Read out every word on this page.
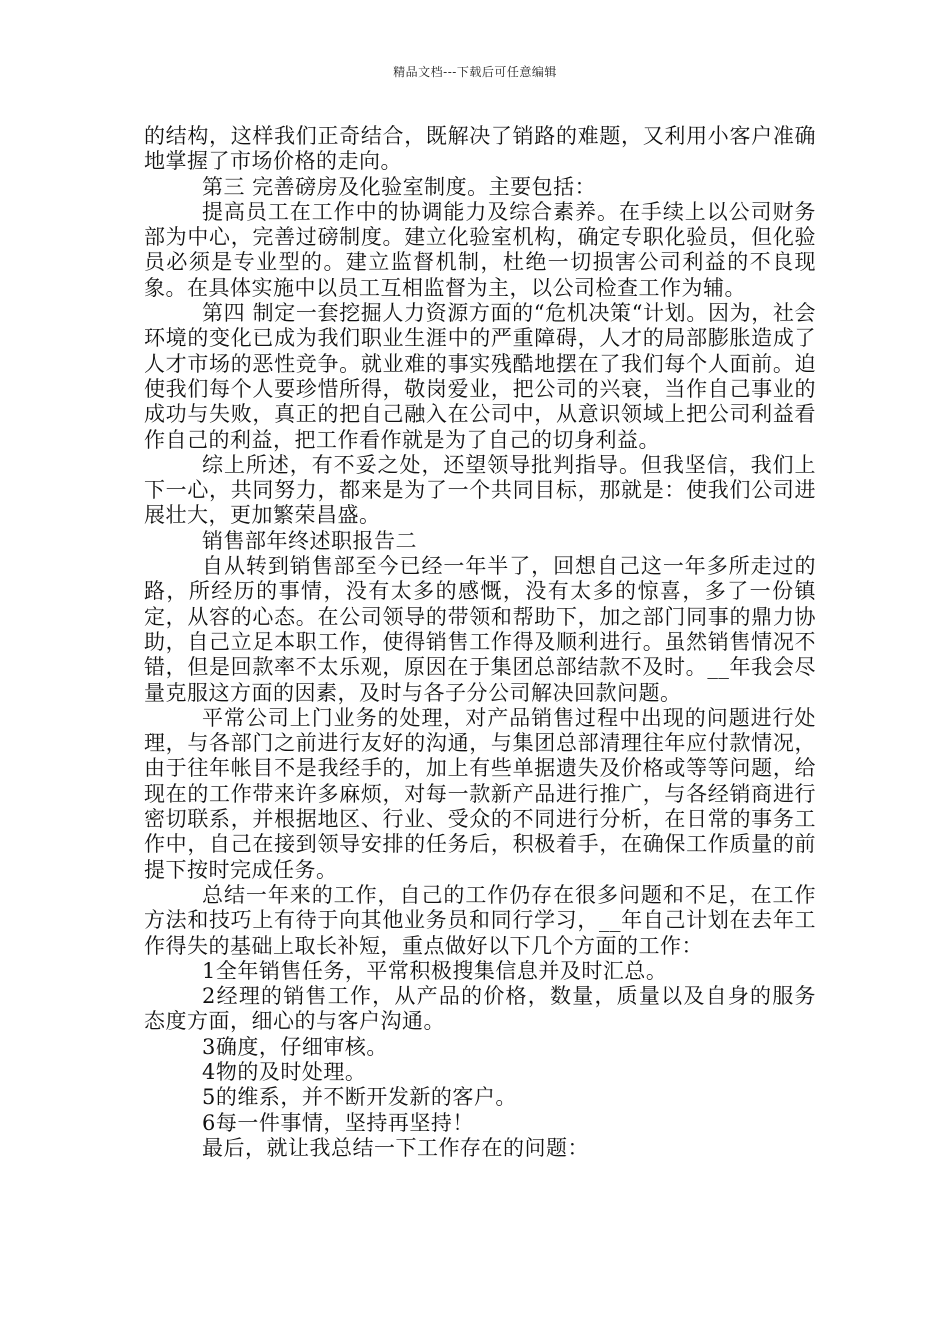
精品文档---下载后可任意编辑

的结构，这样我们正奇结合，既解决了销路的难题，又利用小客户准确地掌握了市场价格的走向。

第三 完善磅房及化验室制度。主要包括：

提高员工在工作中的协调能力及综合素养。在手续上以公司财务部为中心，完善过磅制度。建立化验室机构，确定专职化验员，但化验员必须是专业型的。建立监督机制，杜绝一切损害公司利益的不良现象。在具体实施中以员工互相监督为主，以公司检查工作为辅。

第四 制定一套挖掘人力资源方面的“危机决策“计划。因为，社会环境的变化已成为我们职业生涯中的严重障碍，人才的局部膨胀造成了人才市场的恶性竞争。就业难的事实残酷地摆在了我们每个人面前。迫使我们每个人要珍惜所得，敬岗爱业，把公司的兴衰，当作自己事业的成功与失败，真正的把自己融入在公司中，从意识领域上把公司利益看作自己的利益，把工作看作就是为了自己的切身利益。

综上所述，有不妥之处，还望领导批判指导。但我坚信，我们上下一心，共同努力，都来是为了一个共同目标，那就是：使我们公司进展壮大，更加繁荣昌盛。

销售部年终述职报告二

自从转到销售部至今已经一年半了，回想自己这一年多所走过的路，所经历的事情，没有太多的感慨，没有太多的惊喜，多了一份镇定，从容的心态。在公司领导的带领和帮助下，加之部门同事的鼎力协助，自己立足本职工作，使得销售工作得及顺利进行。虽然销售情况不错，但是回款率不太乐观，原因在于集团总部结款不及时。__年我会尽量克服这方面的因素，及时与各子分公司解决回款问题。

平常公司上门业务的处理，对产品销售过程中出现的问题进行处理，与各部门之前进行友好的沟通，与集团总部清理往年应付款情况，由于往年帐目不是我经手的，加上有些单据遗失及价格或等等问题，给现在的工作带来许多麻烦，对每一款新产品进行推广，与各经销商进行密切联系，并根据地区、行业、受众的不同进行分析，在日常的事务工作中，自己在接到领导安排的任务后，积极着手，在确保工作质量的前提下按时完成任务。

总结一年来的工作，自己的工作仍存在很多问题和不足，在工作方法和技巧上有待于向其他业务员和同行学习，__年自己计划在去年工作得失的基础上取长补短，重点做好以下几个方面的工作：

1全年销售任务，平常积极搜集信息并及时汇总。

2经理的销售工作，从产品的价格，数量，质量以及自身的服务态度方面，细心的与客户沟通。

3确度，仔细审核。

4物的及时处理。

5的维系，并不断开发新的客户。

6每一件事情，坚持再坚持！

最后，就让我总结一下工作存在的问题：
